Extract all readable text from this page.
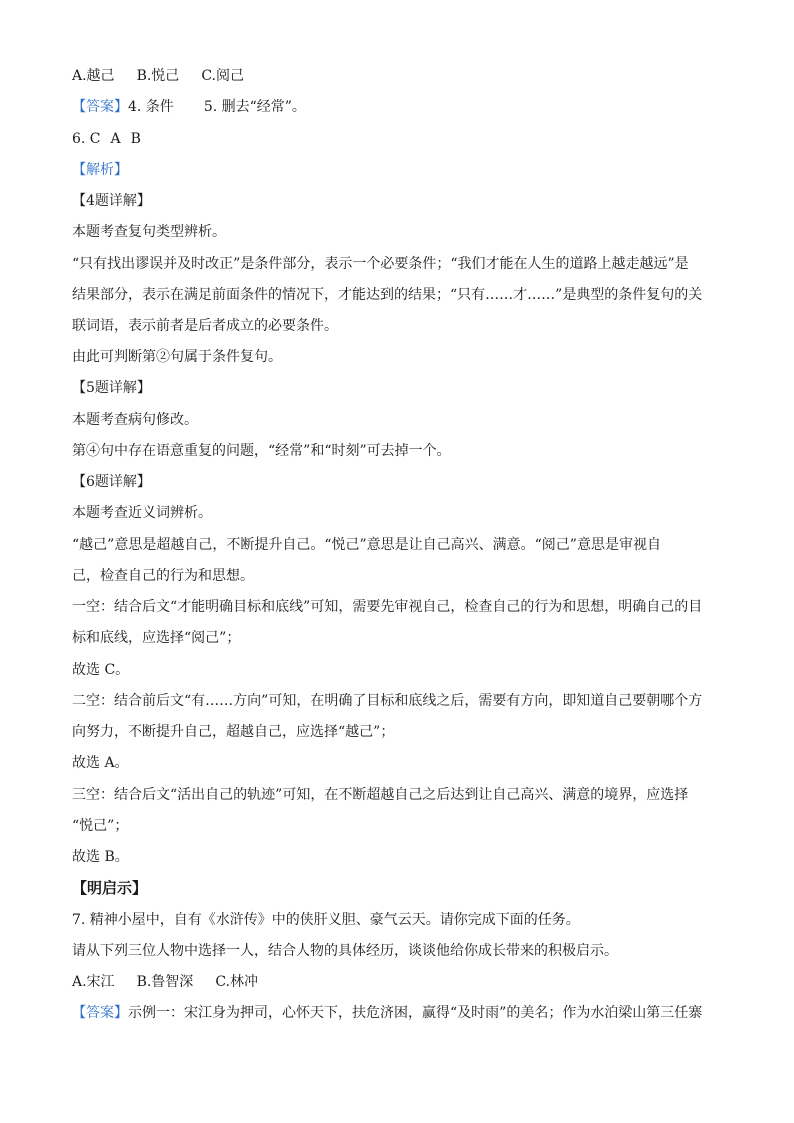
A.越己 B.悦己 C.阅己
【答案】4. 条件 5. 删去“经常”。
6. C A B
【解析】
【4题详解】
本题考查复句类型辨析。
“只有找出谬误并及时改正”是条件部分，表示一个必要条件；“我们才能在人生的道路上越走越远”是
结果部分，表示在满足前面条件的情况下，才能达到的结果；“只有……才……”是典型的条件复句的关
联词语，表示前者是后者成立的必要条件。
由此可判断第②句属于条件复句。
【5题详解】
本题考查病句修改。
第④句中存在语意重复的问题，“经常”和“时刻”可去掉一个。
【6题详解】
本题考查近义词辨析。
“越己”意思是超越自己，不断提升自己。“悦己”意思是让自己高兴、满意。“阅己”意思是审视自
己，检查自己的行为和思想。
一空：结合后文“才能明确目标和底线”可知，需要先审视自己，检查自己的行为和思想，明确自己的目
标和底线，应选择“阅己”；
故选 C。
二空：结合前后文“有……方向”可知，在明确了目标和底线之后，需要有方向，即知道自己要朝哪个方
向努力，不断提升自己，超越自己，应选择“越己”；
故选 A。
三空：结合后文“活出自己的轨迹”可知，在不断超越自己之后达到让自己高兴、满意的境界，应选择
“悦己”；
故选 B。
【明启示】
7. 精神小屋中，自有《水浒传》中的侠肝义胆、豪气云天。请你完成下面的任务。
请从下列三位人物中选择一人，结合人物的具体经历，谈谈他给你成长带来的积极启示。
A.宋江 B.鲁智深 C.林冲
【答案】示例一：宋江身为押司，心怀天下，扶危济困，赢得“及时雨”的美名；作为水泊梁山第三任寨
